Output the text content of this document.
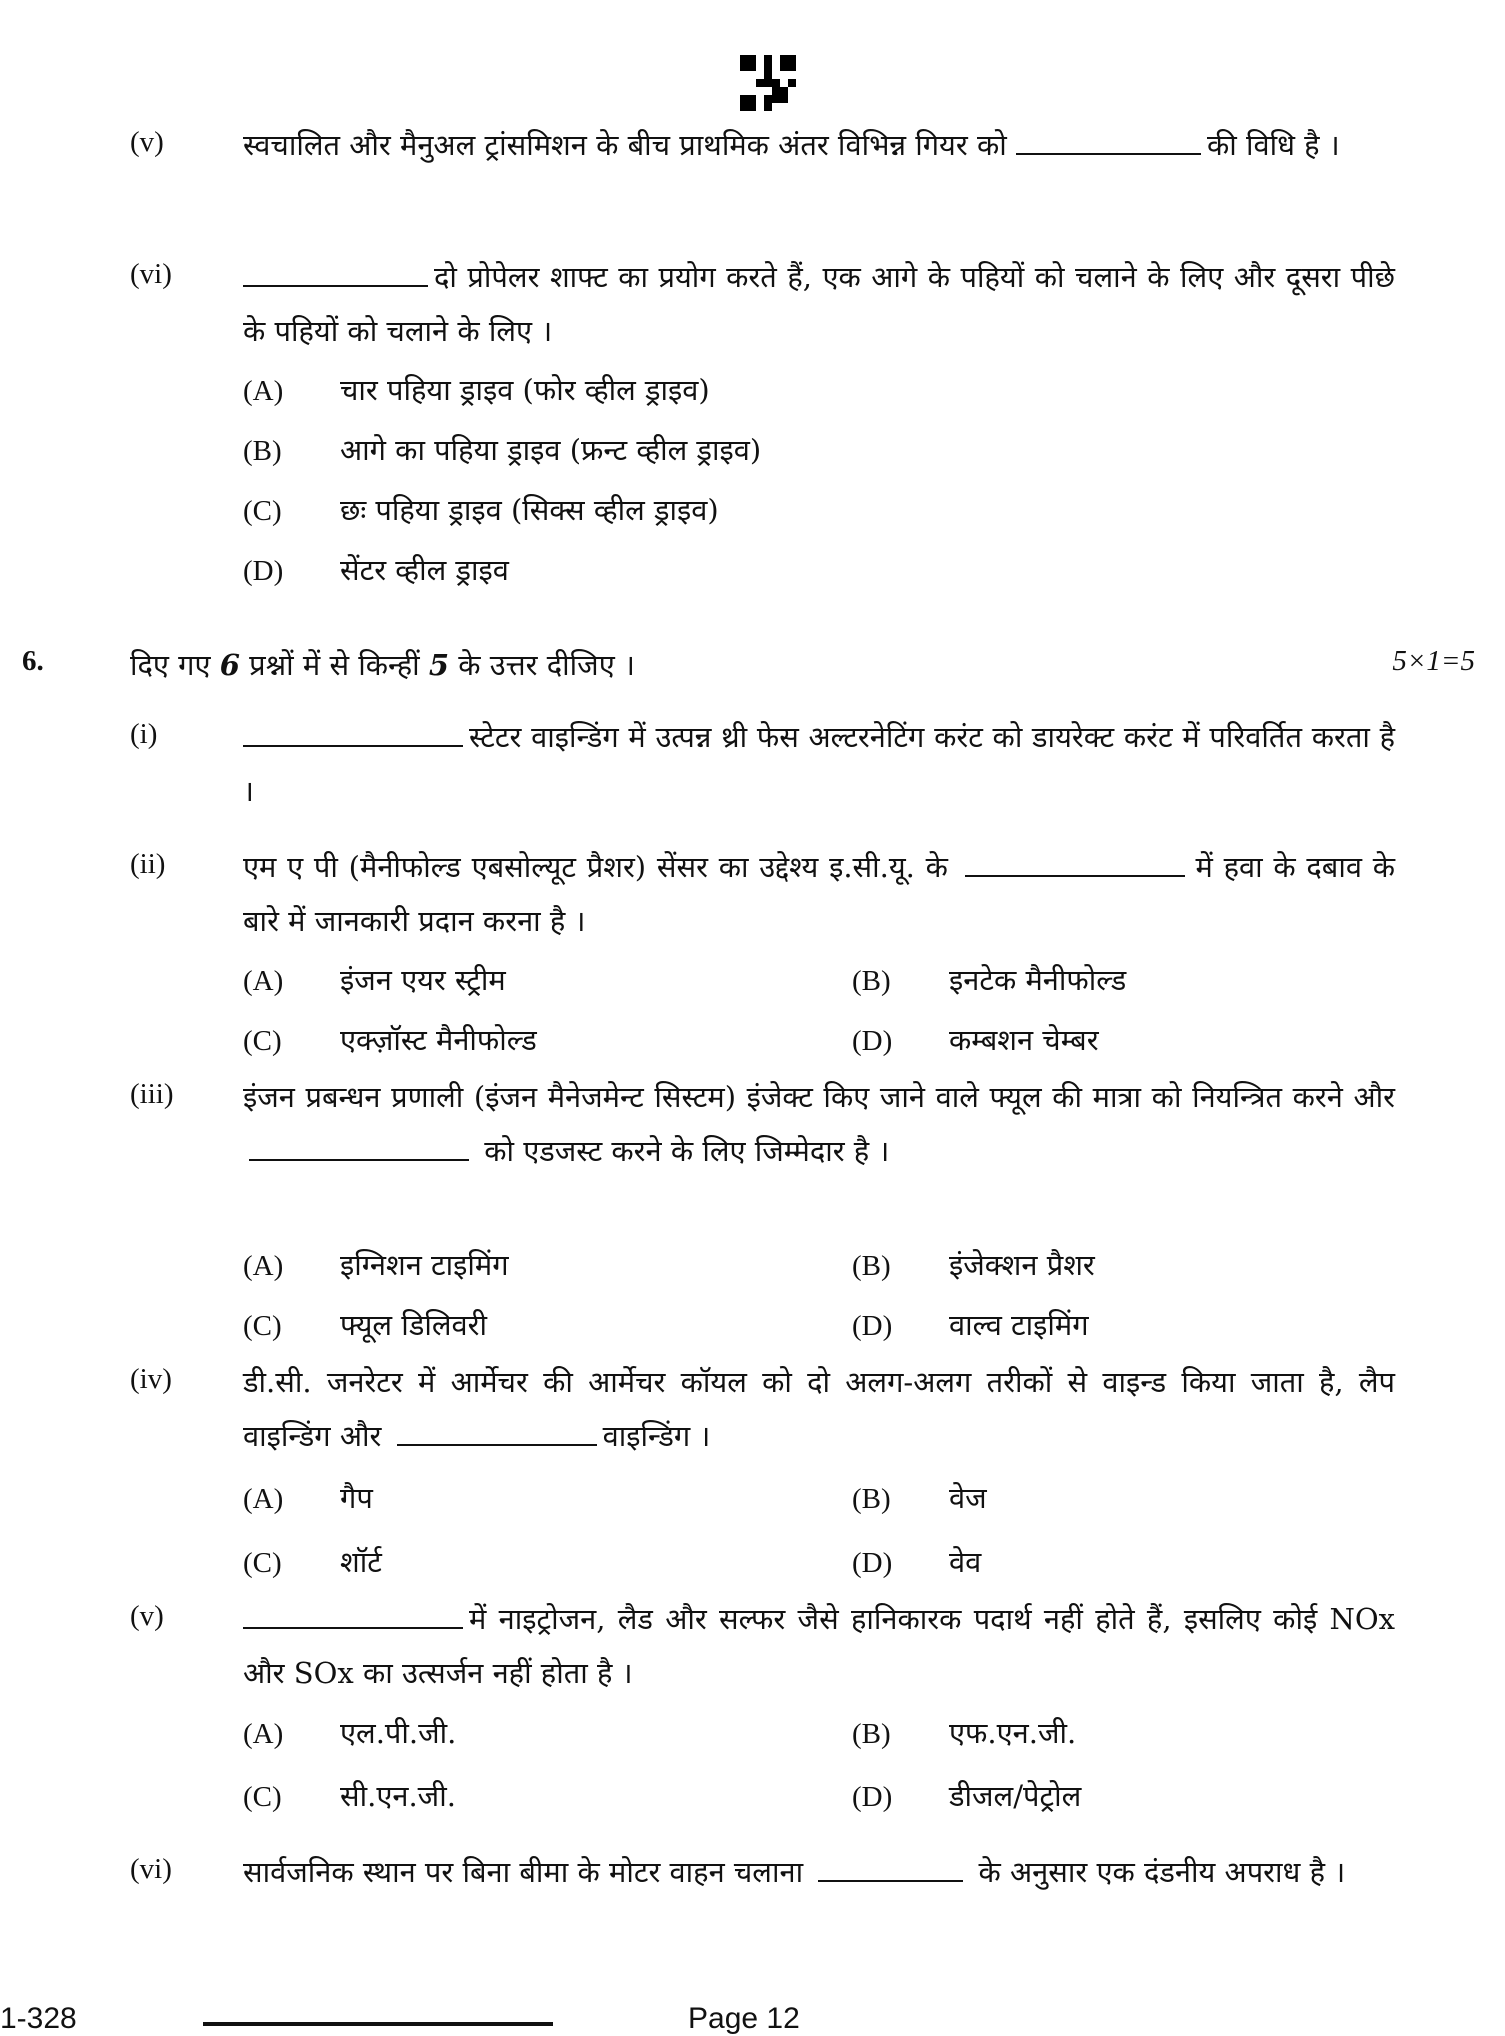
(v)	स्वचालित और मैनुअल ट्रांसमिशन के बीच प्राथमिक अंतर विभिन्न गियर को	की विधि है ।
(vi)	दो प्रोपेलर शाफ्ट का प्रयोग करते हैं, एक आगे के पहियों को चलाने के लिए और दूसरा पीछे के पहियों को चलाने के लिए ।
(A) चार पहिया ड्राइव (फोर व्हील ड्राइव)
(B) आगे का पहिया ड्राइव (फ्रन्ट व्हील ड्राइव)
(C) छः पहिया ड्राइव (सिक्स व्हील ड्राइव)
(D) सेंटर व्हील ड्राइव
6.	दिए गए 6 प्रश्नों में से किन्हीं 5 के उत्तर दीजिए ।	5×1=5
(i)	स्टेटर वाइन्डिंग में उत्पन्न थ्री फेस अल्टरनेटिंग करंट को डायरेक्ट करंट में परिवर्तित करता है ।
(ii)	एम ए पी (मैनीफोल्ड एबसोल्यूट प्रैशर) सेंसर का उद्देश्य इ.सी.यू. के	में हवा के दबाव के बारे में जानकारी प्रदान करना है ।
(A) इंजन एयर स्ट्रीम	(B) इनटेक मैनीफोल्ड
(C) एक्ज़ॉस्ट मैनीफोल्ड	(D) कम्बशन चेम्बर
(iii) इंजन प्रबन्धन प्रणाली (इंजन मैनेजमेन्ट सिस्टम) इंजेक्ट किए जाने वाले फ्यूल की मात्रा को नियन्त्रित करने और  को एडजस्ट करने के लिए जिम्मेदार है ।
(A) इग्निशन टाइमिंग	(B) इंजेक्शन प्रैशर
(C) फ्यूल डिलिवरी	(D) वाल्व टाइमिंग
(iv) डी.सी. जनरेटर में आर्मेचर की आर्मेचर कॉयल को दो अलग-अलग तरीकों से वाइन्ड किया जाता है, लैप वाइन्डिंग और	वाइन्डिंग ।
(A) गैप	(B) वेज
(C) शॉर्ट	(D) वेव
(v)	में नाइट्रोजन, लैड और सल्फर जैसे हानिकारक पदार्थ नहीं होते हैं, इसलिए कोई NOx और SOx का उत्सर्जन नहीं होता है ।
(A) एल.पी.जी.	(B) एफ.एन.जी.
(C) सी.एन.जी.	(D) डीजल/पेट्रोल
(vi) सार्वजनिक स्थान पर बिना बीमा के मोटर वाहन चलाना	के अनुसार एक दंडनीय अपराध है ।
1-328	Page 12
